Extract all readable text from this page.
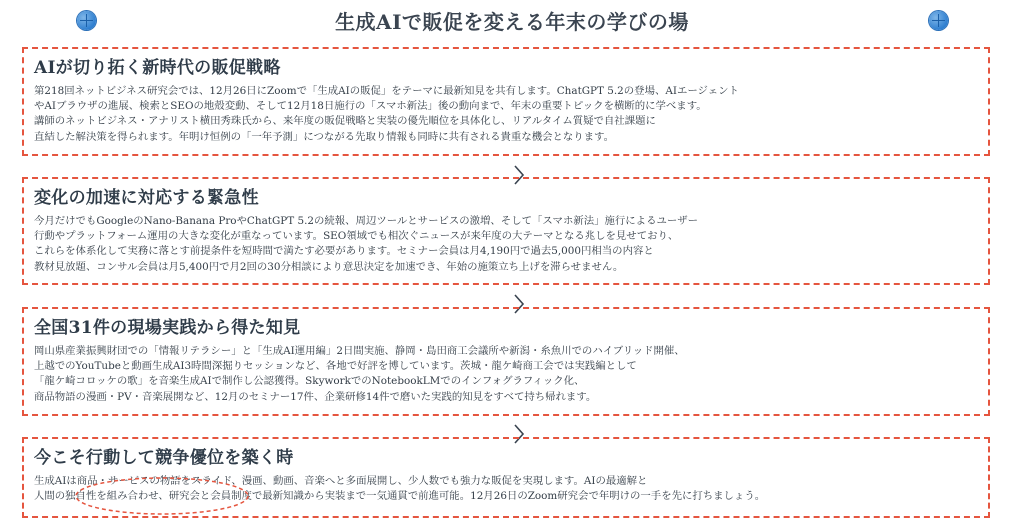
生成AIで販促を変える年末の学びの場
AIが切り拓く新時代の販促戦略

第218回ネットビジネス研究会では、12月26日にZoomで「生成AIの販促」をテーマに最新知見を共有します。ChatGPT 5.2の登場、AIエージェント
やAIブラウザの進展、検索とSEOの地殻変動、そして12月18日施行の「スマホ新法」後の動向まで、年末の重要トピックを横断的に学べます。
講師のネットビジネス・アナリスト横田秀珠氏から、来年度の販促戦略と実装の優先順位を具体化し、リアルタイム質疑で自社課題に
直結した解決策を得られます。年明け恒例の「一年予測」につながる先取り情報も同時に共有される貴重な機会となります。

変化の加速に対応する緊急性

今月だけでもGoogleのNano-Banana ProやChatGPT 5.2の続報、周辺ツールとサービスの激増、そして「スマホ新法」施行によるユーザー
行動やプラットフォーム運用の大きな変化が重なっています。SEO領域でも相次ぐニュースが来年度の大テーマとなる兆しを見せており、
これらを体系化して実務に落とす前提条件を短時間で満たす必要があります。セミナー会員は月4,190円で過去5,000円相当の内容と
教材見放題、コンサル会員は月5,400円で月2回の30分相談により意思決定を加速でき、年始の施策立ち上げを滞らせません。

全国31件の現場実践から得た知見

岡山県産業振興財団での「情報リテラシー」と「生成AI運用編」2日間実施、静岡・島田商工会議所や新潟・糸魚川でのハイブリッド開催、
上越でのYouTubeと動画生成AI3時間深掘りセッションなど、各地で好評を博しています。茨城・龍ケ崎商工会では実践編として
「龍ケ崎コロッケの歌」を音楽生成AIで制作し公認獲得。SkyworkでのNotebookLMでのインフォグラフィック化、
商品物語の漫画・PV・音楽展開など、12月のセミナー17件、企業研修14件で磨いた実践的知見をすべて持ち帰れます。

今こそ行動して競争優位を築く時

生成AIは商品・サービスの物語をスライド、漫画、動画、音楽へと多面展開し、少人数でも強力な販促を実現します。AIの最適解と
人間の独自性を組み合わせ、研究会と会員制度で最新知識から実装まで一気通貫で前進可能。12月26日のZoom研究会で年明けの一手を先に打ちましょう。
